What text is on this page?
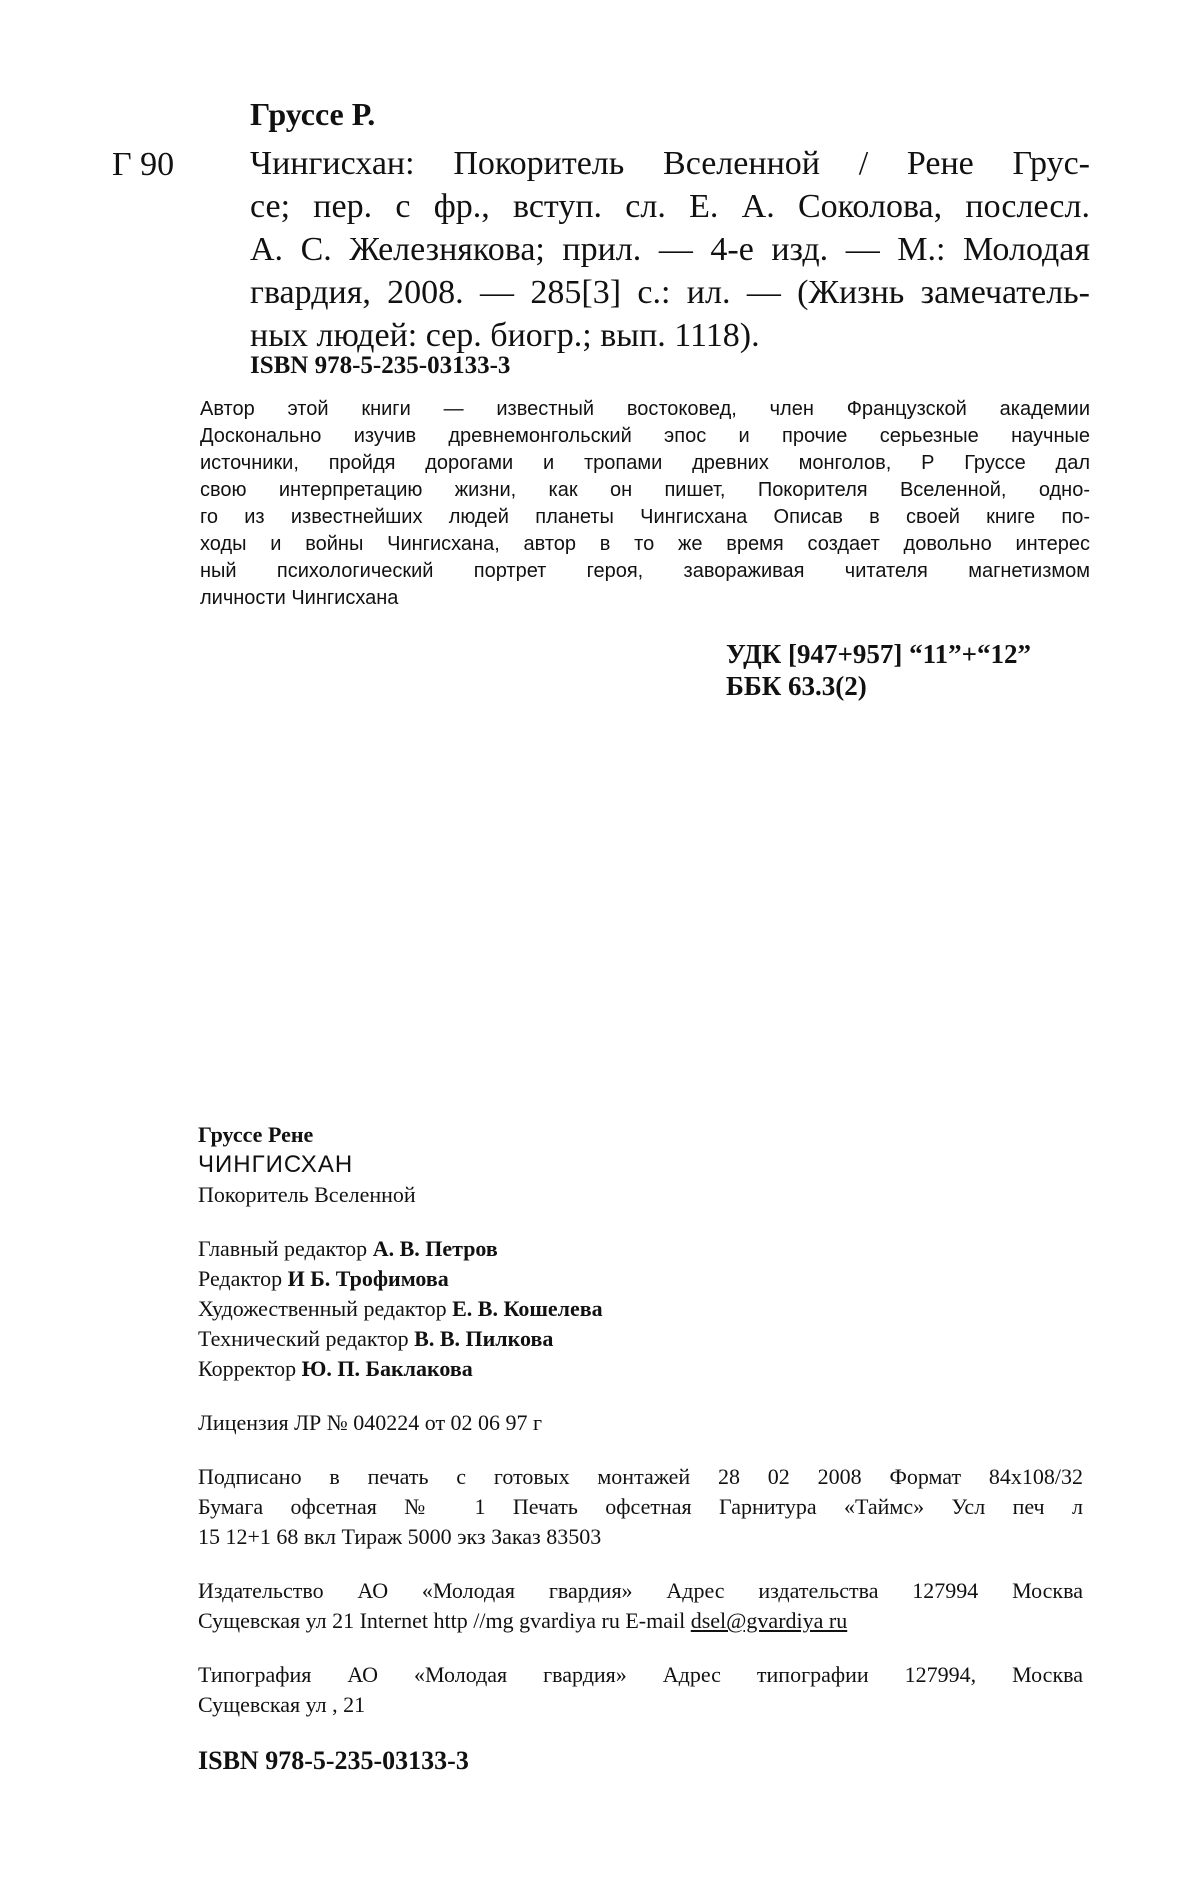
Груссе Р.
Г 90 Чингисхан: Покоритель Вселенной / Рене Грус-
се; пер. с фр., вступ. сл. Е. А. Соколова, послесл.
А. С. Железнякова; прил. — 4-е изд. — М.: Молодая
гвардия, 2008. — 285[3] с.: ил. — (Жизнь замечатель-
ных людей: сер. биогр.; вып. 1118).
ISBN 978-5-235-03133-3
Автор этой книги — известный востоковед, член Французской академии
Досконально изучив древнемонгольский эпос и прочие серьезные научные
источники, пройдя дорогами и тропами древних монголов, Р Груссе дал
свою интерпретацию жизни, как он пишет, Покорителя Вселенной, одно-
го из известнейших людей планеты Чингисхана Описав в своей книге по-
ходы и войны Чингисхана, автор в то же время создает довольно интерес
ный психологический портрет героя, завораживая читателя магнетизмом
личности Чингисхана
УДК [947+957] “11”+“12”
ББК 63.3(2)
Груссе Рене
ЧИНГИСХАН
Покоритель Вселенной
Главный редактор А. В. Петров
Редактор И Б. Трофимова
Художественный редактор Е. В. Кошелева
Технический редактор В. В. Пилкова
Корректор Ю. П. Баклакова
Лицензия ЛР № 040224 от 02 06 97 г
Подписано в печать с готовых монтажей 28 02 2008 Формат 84x108/32
Бумага офсетная № 1 Печать офсетная Гарнитура «Таймс» Усл печ л
15 12+1 68 вкл Тираж 5000 экз Заказ 83503
Издательство АО «Молодая гвардия» Адрес издательства 127994 Москва
Сущевская ул 21 Internet http //mg gvardiya ru E-mail dsel@gvardiya ru
Типография АО «Молодая гвардия» Адрес типографии 127994, Москва
Сущевская ул , 21
ISBN 978-5-235-03133-3
